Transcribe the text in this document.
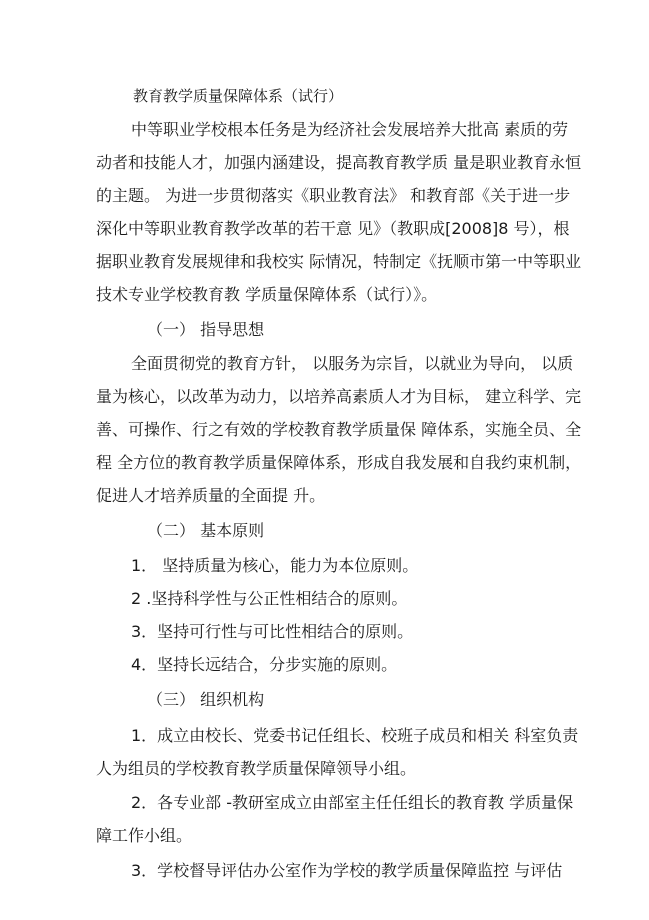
教育教学质量保障体系（试行）
中等职业学校根本任务是为经济社会发展培养大批高 素质的劳
动者和技能人才，加强内涵建设，提高教育教学质 量是职业教育永恒
的主题。 为进一步贯彻落实《职业教育法》 和教育部《关于进一步
深化中等职业教育教学改革的若干意 见》（教职成[2008]8 号），根
据职业教育发展规律和我校实 际情况，特制定《抚顺市第一中等职业
技术专业学校教育教 学质量保障体系（试行）》。
（一） 指导思想
全面贯彻党的教育方针， 以服务为宗旨，以就业为导向， 以质
量为核心，以改革为动力，以培养高素质人才为目标， 建立科学、完
善、可操作、行之有效的学校教育教学质量保 障体系，实施全员、全
程 全方位的教育教学质量保障体系，形成自我发展和自我约束机制，
促进人才培养质量的全面提 升。
（二） 基本原则
1． 坚持质量为核心，能力为本位原则。
2 .坚持科学性与公正性相结合的原则。
3．坚持可行性与可比性相结合的原则。
4．坚持长远结合，分步实施的原则。
（三） 组织机构
1．成立由校长、党委书记任组长、校班子成员和相关 科室负责
人为组员的学校教育教学质量保障领导小组。
2．各专业部 -教研室成立由部室主任任组长的教育教 学质量保
障工作小组。
3．学校督导评估办公室作为学校的教学质量保障监控 与评估
